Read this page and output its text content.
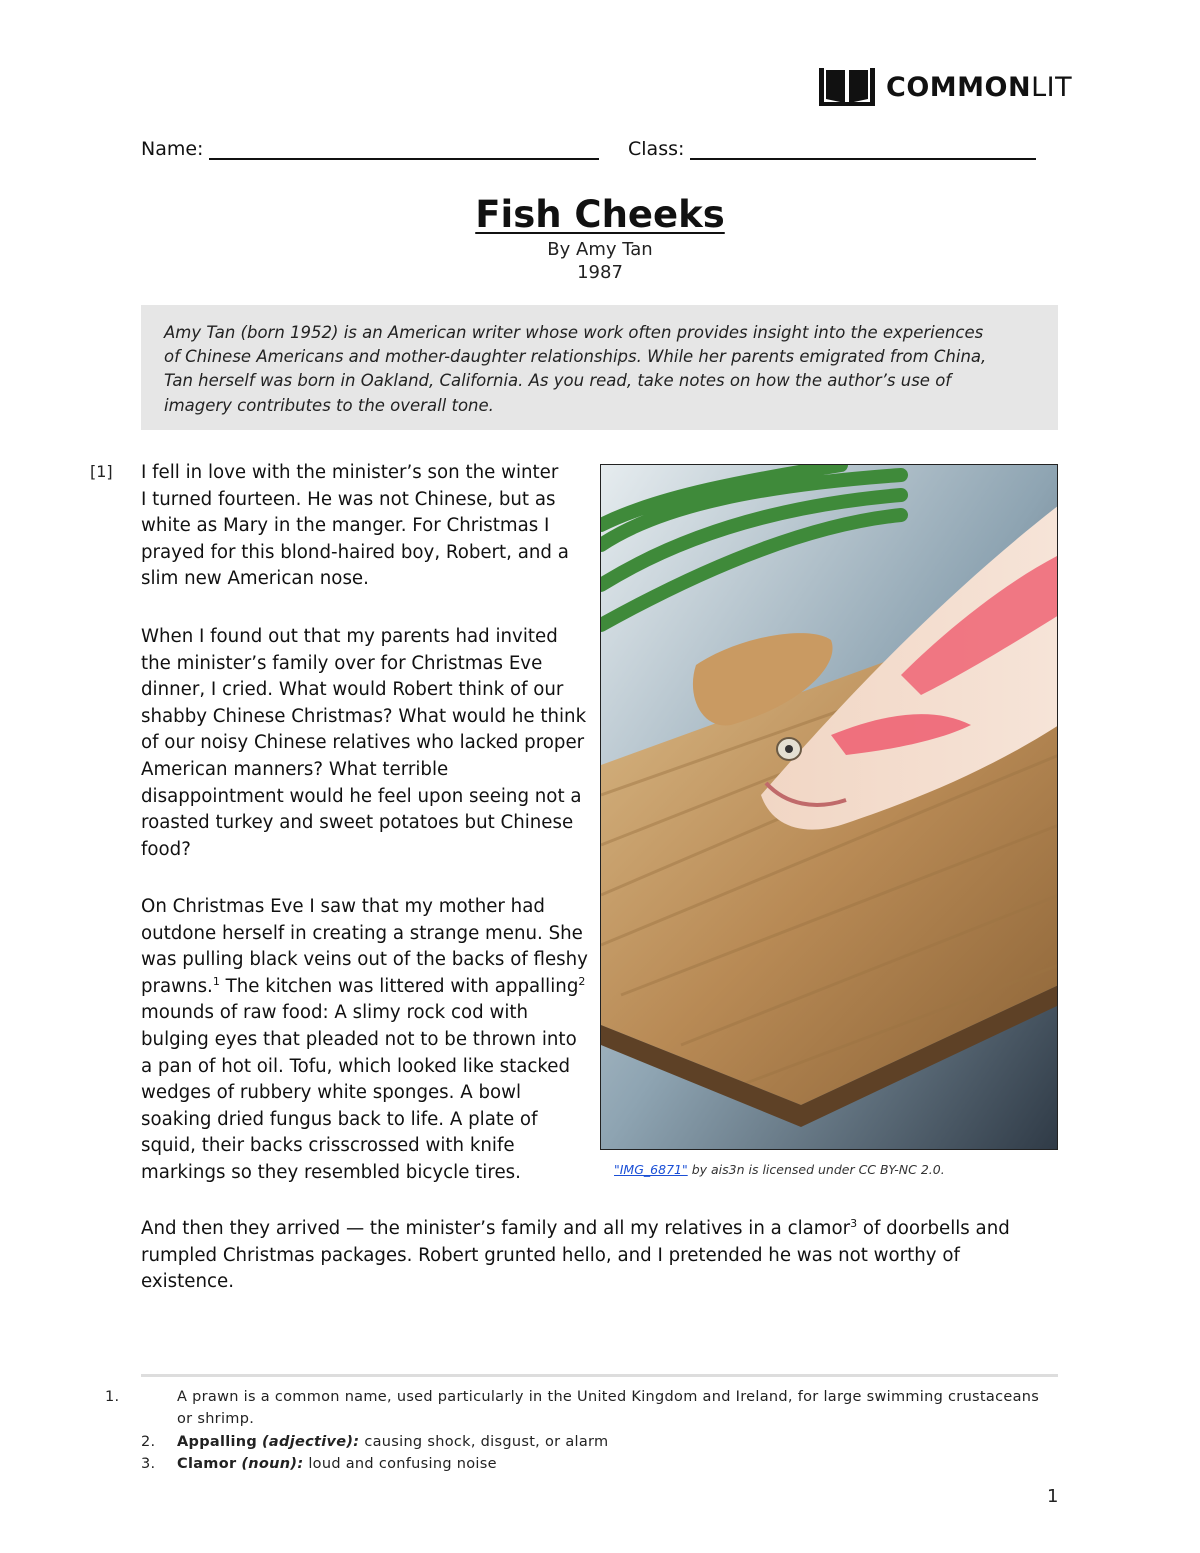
COMMONLIT
Name:	Class:
Fish Cheeks
By Amy Tan
1987
Amy Tan (born 1952) is an American writer whose work often provides insight into the experiences of Chinese Americans and mother-daughter relationships. While her parents emigrated from China, Tan herself was born in Oakland, California. As you read, take notes on how the author’s use of imagery contributes to the overall tone.
[1] I fell in love with the minister’s son the winter I turned fourteen. He was not Chinese, but as white as Mary in the manger. For Christmas I prayed for this blond-haired boy, Robert, and a slim new American nose.

When I found out that my parents had invited the minister’s family over for Christmas Eve dinner, I cried. What would Robert think of our shabby Chinese Christmas? What would he think of our noisy Chinese relatives who lacked proper American manners? What terrible disappointment would he feel upon seeing not a roasted turkey and sweet potatoes but Chinese food?

On Christmas Eve I saw that my mother had outdone herself in creating a strange menu. She was pulling black veins out of the backs of fleshy prawns.$^1$ The kitchen was littered with appalling$^2$ mounds of raw food: A slimy rock cod with bulging eyes that pleaded not to be thrown into a pan of hot oil. Tofu, which looked like stacked wedges of rubbery white sponges. A bowl soaking dried fungus back to life. A plate of squid, their backs crisscrossed with knife markings so they resembled bicycle tires.

And then they arrived — the minister’s family and all my relatives in a clamor$^3$ of doorbells and rumpled Christmas packages. Robert grunted hello, and I pretended he was not worthy of existence.

"IMG_6871" by ais3n is licensed under CC BY-NC 2.0.
1.	A prawn is a common name, used particularly in the United Kingdom and Ireland, for large swimming crustaceans or shrimp.
2. Appalling (adjective): causing shock, disgust, or alarm
3. Clamor (noun): loud and confusing noise
1
